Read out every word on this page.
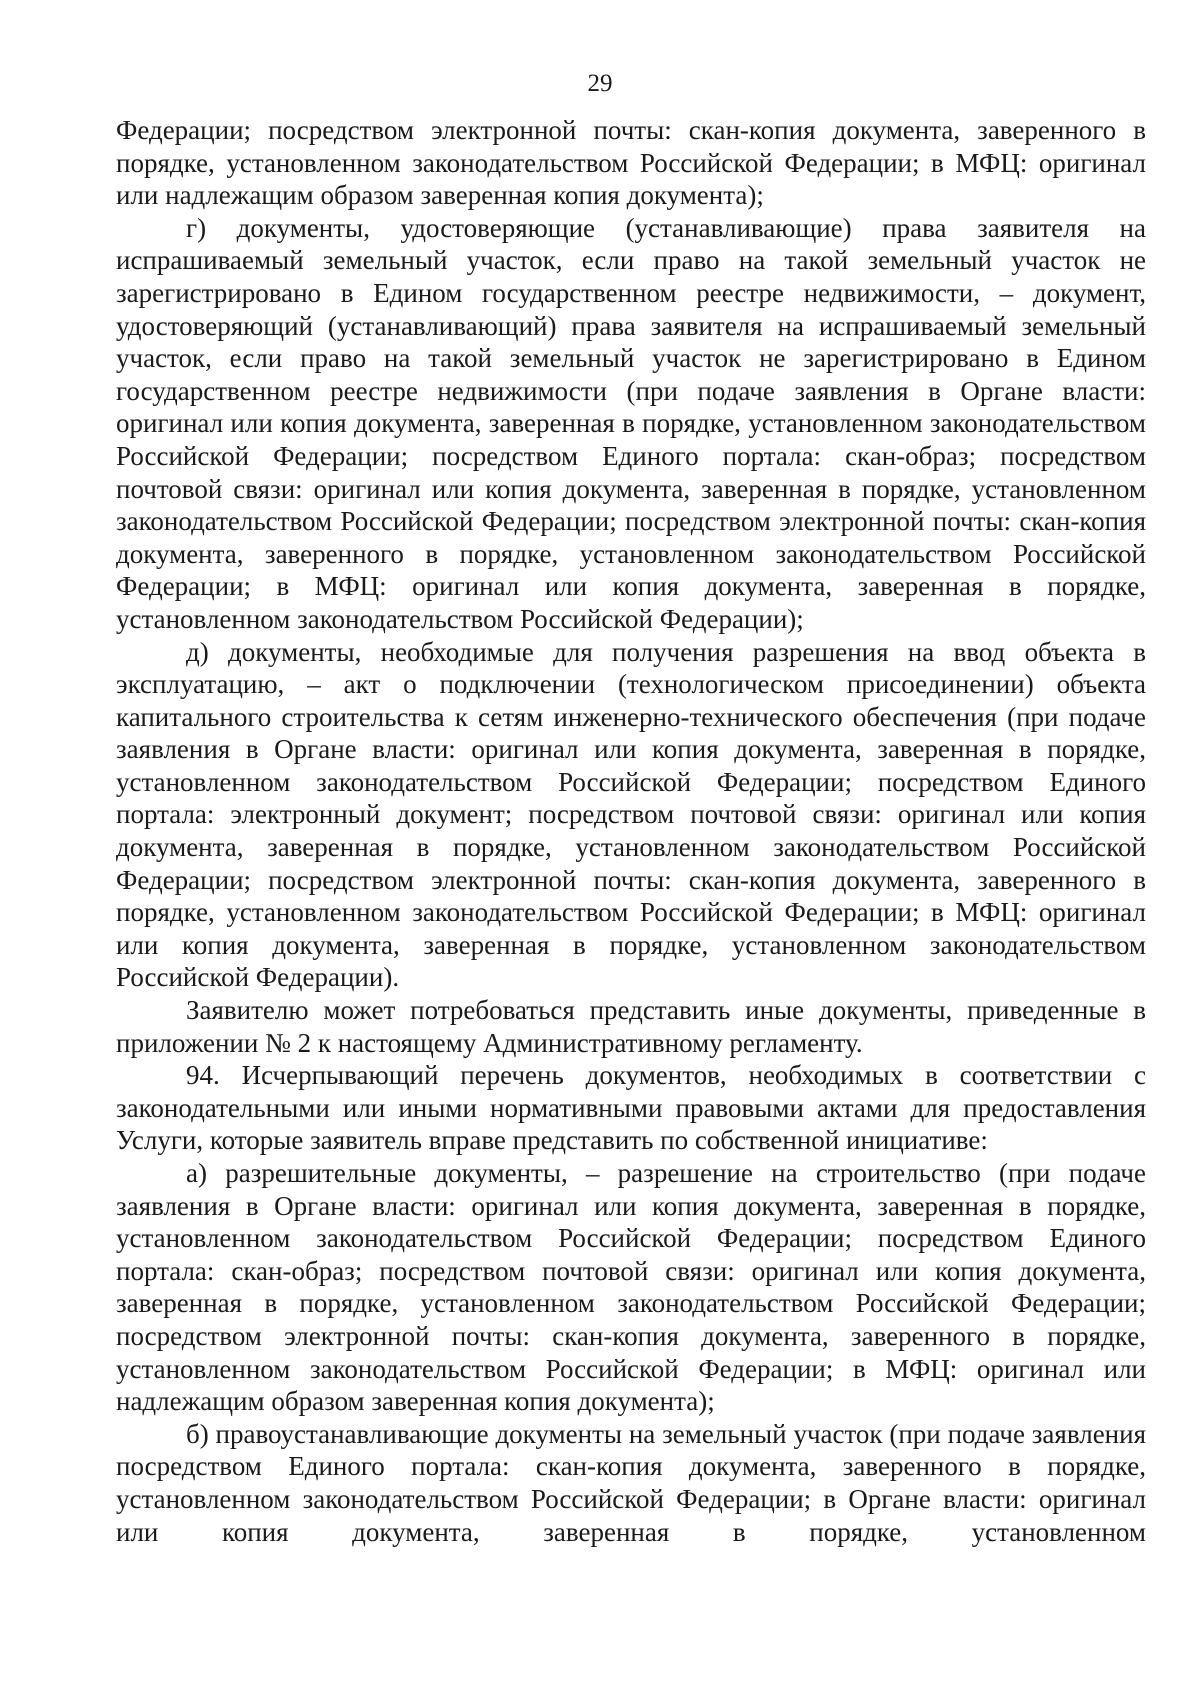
29

Федерации; посредством электронной почты: скан-копия документа, заверенного в порядке, установленном законодательством Российской Федерации; в МФЦ: оригинал или надлежащим образом заверенная копия документа);

г) документы, удостоверяющие (устанавливающие) права заявителя на испрашиваемый земельный участок, если право на такой земельный участок не зарегистрировано в Едином государственном реестре недвижимости, – документ, удостоверяющий (устанавливающий) права заявителя на испрашиваемый земельный участок, если право на такой земельный участок не зарегистрировано в Едином государственном реестре недвижимости (при подаче заявления в Органе власти: оригинал или копия документа, заверенная в порядке, установленном законодательством Российской Федерации; посредством Единого портала: скан-образ; посредством почтовой связи: оригинал или копия документа, заверенная в порядке, установленном законодательством Российской Федерации; посредством электронной почты: скан-копия документа, заверенного в порядке, установленном законодательством Российской Федерации; в МФЦ: оригинал или копия документа, заверенная в порядке, установленном законодательством Российской Федерации);

д) документы, необходимые для получения разрешения на ввод объекта в эксплуатацию, – акт о подключении (технологическом присоединении) объекта капитального строительства к сетям инженерно-технического обеспечения (при подаче заявления в Органе власти: оригинал или копия документа, заверенная в порядке, установленном законодательством Российской Федерации; посредством Единого портала: электронный документ; посредством почтовой связи: оригинал или копия документа, заверенная в порядке, установленном законодательством Российской Федерации; посредством электронной почты: скан-копия документа, заверенного в порядке, установленном законодательством Российской Федерации; в МФЦ: оригинал или копия документа, заверенная в порядке, установленном законодательством Российской Федерации).

Заявителю может потребоваться представить иные документы, приведенные в приложении № 2 к настоящему Административному регламенту.

94. Исчерпывающий перечень документов, необходимых в соответствии с законодательными или иными нормативными правовыми актами для предоставления Услуги, которые заявитель вправе представить по собственной инициативе:

а) разрешительные документы, – разрешение на строительство (при подаче заявления в Органе власти: оригинал или копия документа, заверенная в порядке, установленном законодательством Российской Федерации; посредством Единого портала: скан-образ; посредством почтовой связи: оригинал или копия документа, заверенная в порядке, установленном законодательством Российской Федерации; посредством электронной почты: скан-копия документа, заверенного в порядке, установленном законодательством Российской Федерации; в МФЦ: оригинал или надлежащим образом заверенная копия документа);

б) правоустанавливающие документы на земельный участок (при подаче заявления посредством Единого портала: скан-копия документа, заверенного в порядке, установленном законодательством Российской Федерации; в Органе власти: оригинал или копия документа, заверенная в порядке, установленном
